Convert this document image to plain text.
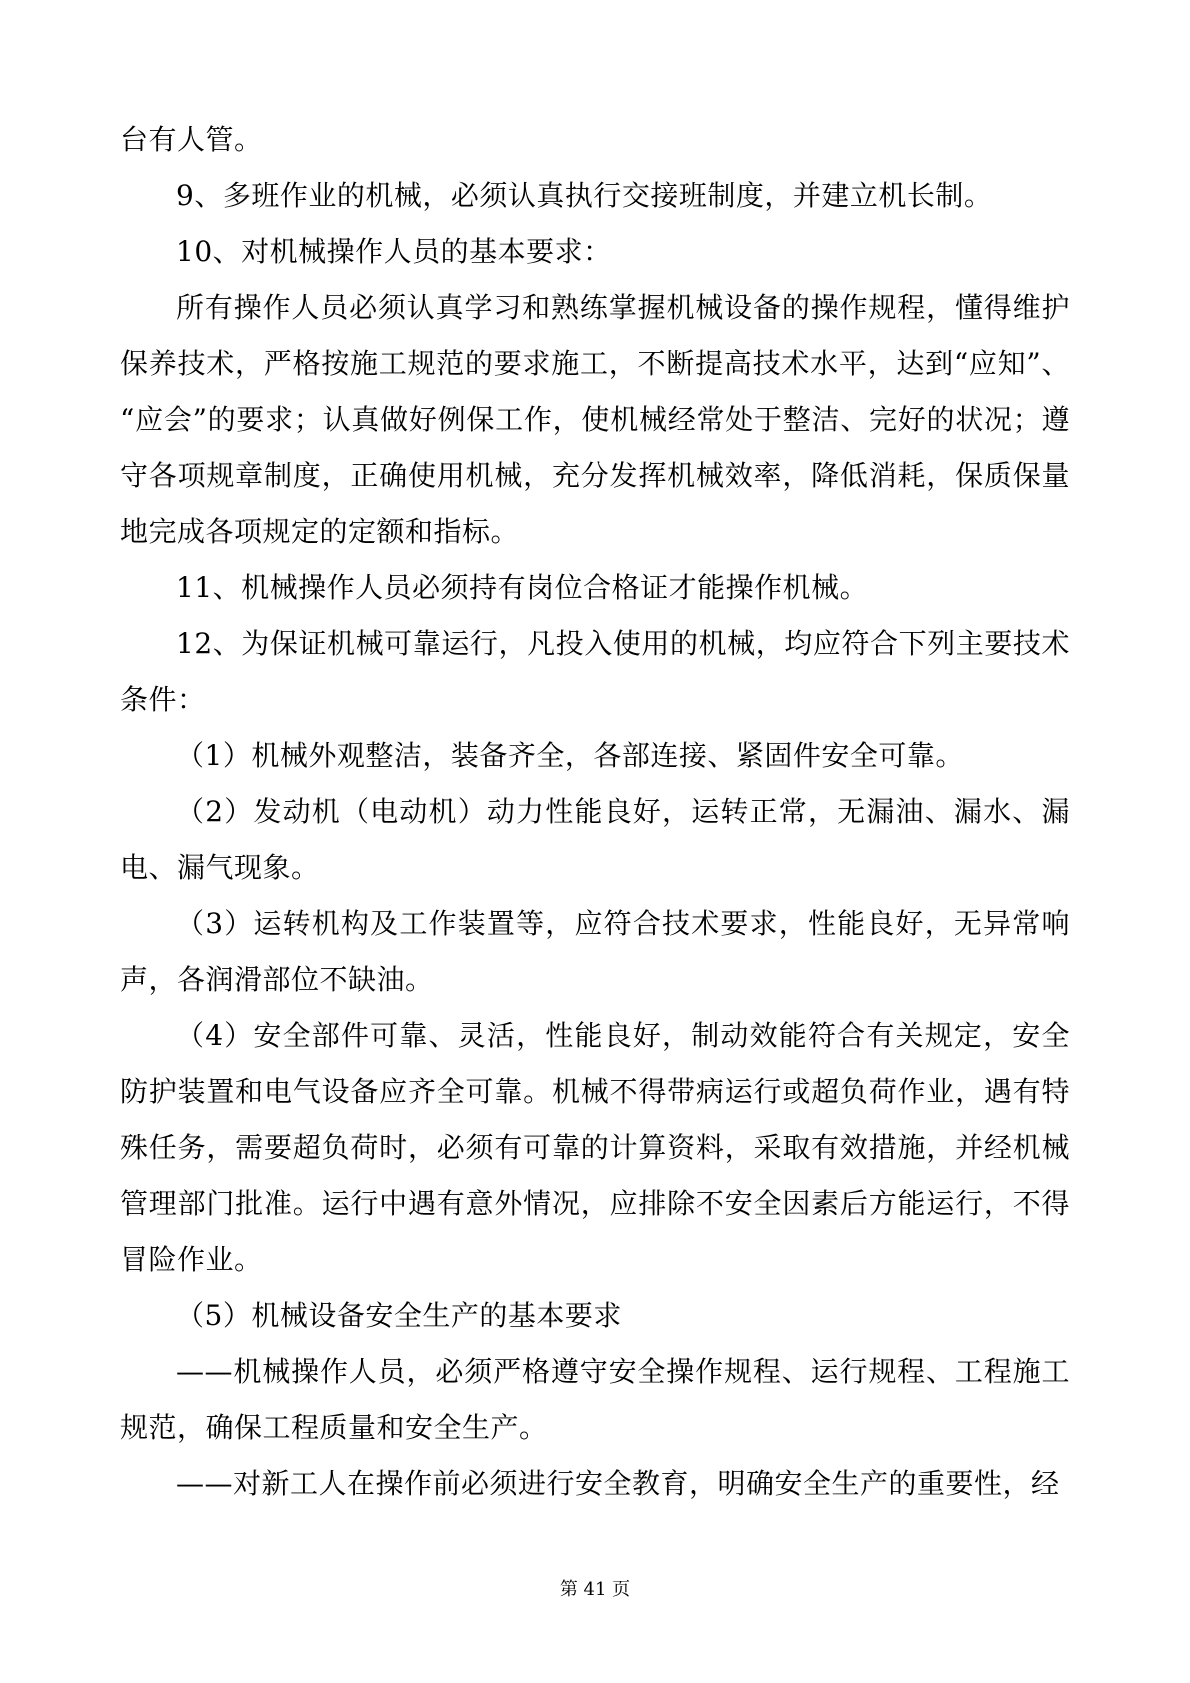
台有人管。

9、多班作业的机械，必须认真执行交接班制度，并建立机长制。

10、对机械操作人员的基本要求：

所有操作人员必须认真学习和熟练掌握机械设备的操作规程，懂得维护保养技术，严格按施工规范的要求施工，不断提高技术水平，达到“应知”、“应会”的要求；认真做好例保工作，使机械经常处于整洁、完好的状况；遵守各项规章制度，正确使用机械，充分发挥机械效率，降低消耗，保质保量地完成各项规定的定额和指标。

11、机械操作人员必须持有岗位合格证才能操作机械。

12、为保证机械可靠运行，凡投入使用的机械，均应符合下列主要技术条件：

（1）机械外观整洁，装备齐全，各部连接、紧固件安全可靠。

（2）发动机（电动机）动力性能良好，运转正常，无漏油、漏水、漏电、漏气现象。

（3）运转机构及工作装置等，应符合技术要求，性能良好，无异常响声，各润滑部位不缺油。

（4）安全部件可靠、灵活，性能良好，制动效能符合有关规定，安全防护装置和电气设备应齐全可靠。机械不得带病运行或超负荷作业，遇有特殊任务，需要超负荷时，必须有可靠的计算资料，采取有效措施，并经机械管理部门批准。运行中遇有意外情况，应排除不安全因素后方能运行，不得冒险作业。

（5）机械设备安全生产的基本要求

——机械操作人员，必须严格遵守安全操作规程、运行规程、工程施工规范，确保工程质量和安全生产。

——对新工人在操作前必须进行安全教育，明确安全生产的重要性，经

第 41 页
